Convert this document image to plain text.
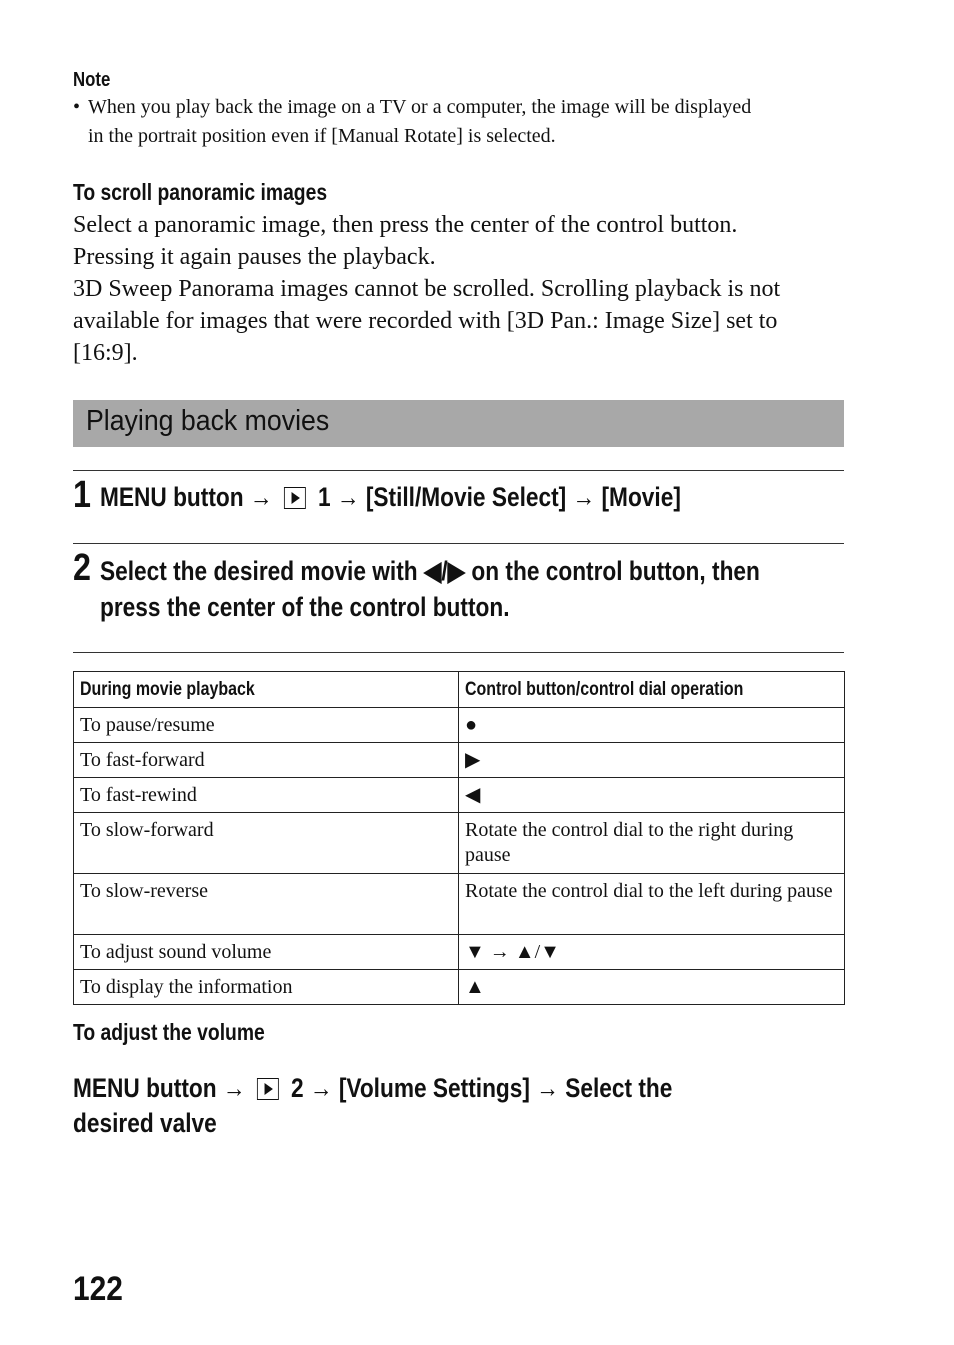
Note
• When you play back the image on a TV or a computer, the image will be displayed
in the portrait position even if [Manual Rotate] is selected.
To scroll panoramic images
Select a panoramic image, then press the center of the control button.
Pressing it again pauses the playback.
3D Sweep Panorama images cannot be scrolled. Scrolling playback is not
available for images that were recorded with [3D Pan.: Image Size] set to
[16:9].
Playing back movies
1 MENU button → 1 → [Still/Movie Select] → [Movie]
2 Select the desired movie with ◀/▶ on the control button, then
press the center of the control button.
During movie playback	Control button/control dial operation
To pause/resume	●
To fast-forward	▶
To fast-rewind	◀
To slow-forward	Rotate the control dial to the right during pause
To slow-reverse	Rotate the control dial to the left during pause
To adjust sound volume	▼ → ▲/▼
To display the information	▲
To adjust the volume
MENU button → 2 → [Volume Settings] → Select the
desired valve
122
